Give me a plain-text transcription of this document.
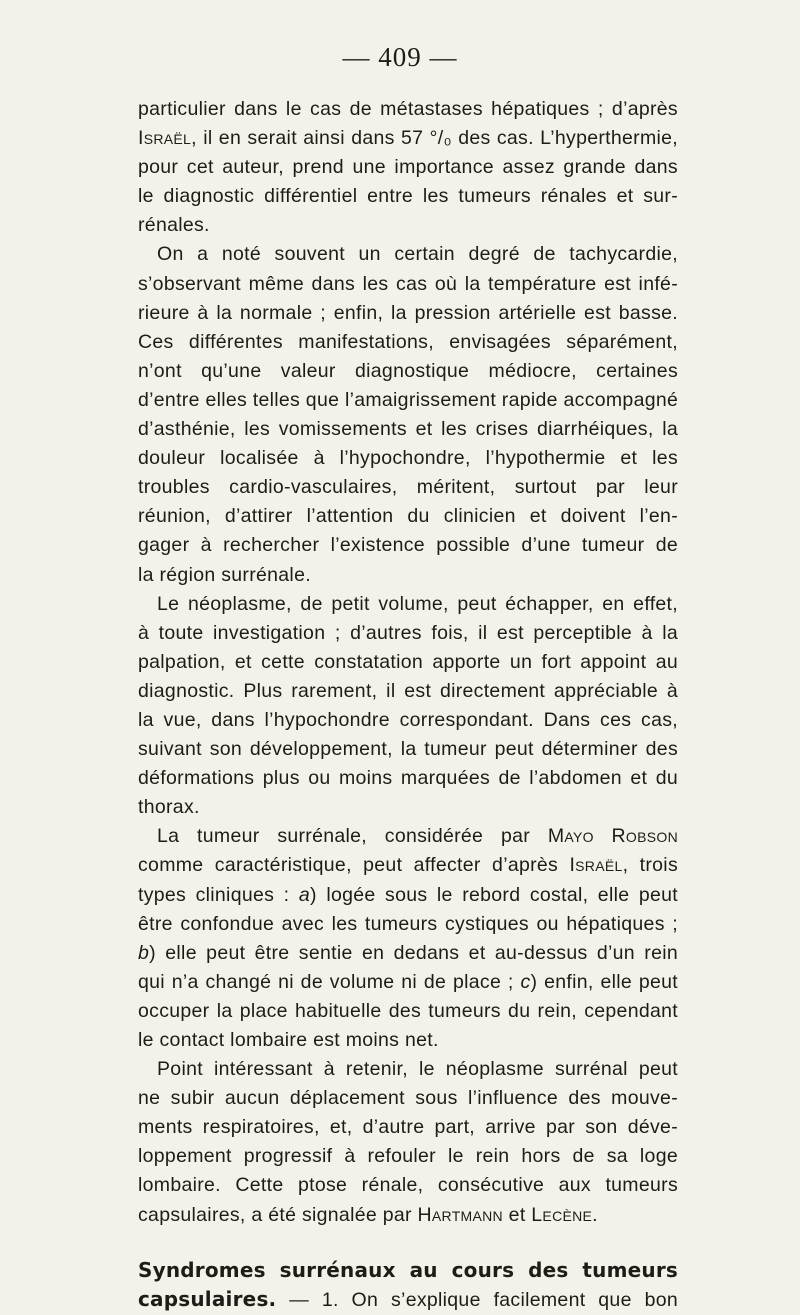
— 409 —
particulier dans le cas de métastases hépatiques ; d’après
Israël, il en serait ainsi dans 57 °/₀ des cas. L’hyperthermie,
pour cet auteur, prend une importance assez grande dans
le diagnostic différentiel entre les tumeurs rénales et sur-
rénales.
On a noté souvent un certain degré de tachycardie,
s’observant même dans les cas où la température est infé-
rieure à la normale ; enfin, la pression artérielle est basse.
Ces différentes manifestations, envisagées séparément,
n’ont qu’une valeur diagnostique médiocre, certaines
d’entre elles telles que l’amaigrissement rapide accompagné
d’asthénie, les vomissements et les crises diarrhéiques, la
douleur localisée à l’hypochondre, l’hypothermie et les
troubles cardio-vasculaires, méritent, surtout par leur
réunion, d’attirer l’attention du clinicien et doivent l’en-
gager à rechercher l’existence possible d’une tumeur de
la région surrénale.
Le néoplasme, de petit volume, peut échapper, en effet,
à toute investigation ; d’autres fois, il est perceptible à la
palpation, et cette constatation apporte un fort appoint au
diagnostic. Plus rarement, il est directement appréciable à
la vue, dans l’hypochondre correspondant. Dans ces cas,
suivant son développement, la tumeur peut déterminer des
déformations plus ou moins marquées de l’abdomen et du
thorax.
La tumeur surrénale, considérée par Mayo Robson
comme caractéristique, peut affecter d’après Israël, trois
types cliniques : a) logée sous le rebord costal, elle peut
être confondue avec les tumeurs cystiques ou hépatiques ;
b) elle peut être sentie en dedans et au-dessus d’un rein
qui n’a changé ni de volume ni de place ; c) enfin, elle peut
occuper la place habituelle des tumeurs du rein, cependant
le contact lombaire est moins net.
Point intéressant à retenir, le néoplasme surrénal peut
ne subir aucun déplacement sous l’influence des mouve-
ments respiratoires, et, d’autre part, arrive par son déve-
loppement progressif à refouler le rein hors de sa loge
lombaire. Cette ptose rénale, consécutive aux tumeurs
capsulaires, a été signalée par Hartmann et Lecène.
Syndromes surrénaux au cours des tumeurs
capsulaires. — 1. On s’explique facilement que bon
